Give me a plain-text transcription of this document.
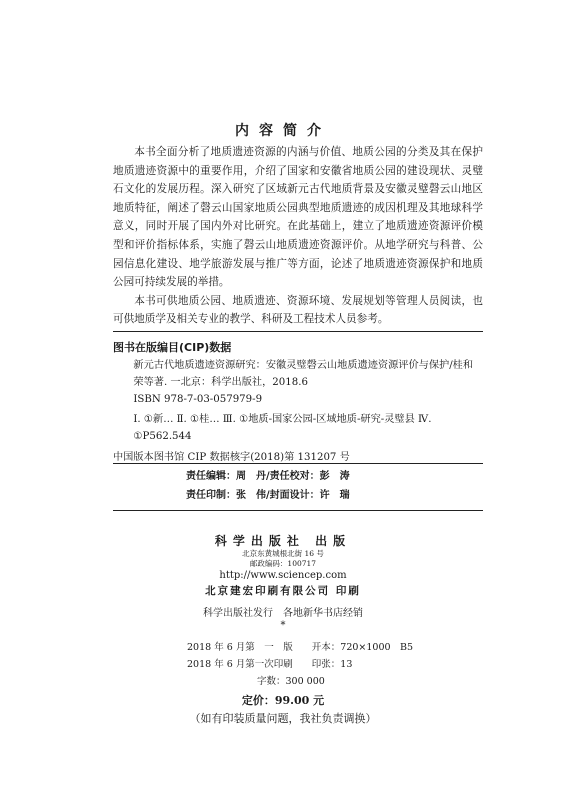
内容简介

本书全面分析了地质遗迹资源的内涵与价值、地质公园的分类及其在保护地质遗迹资源中的重要作用，介绍了国家和安徽省地质公园的建设现状、灵璧石文化的发展历程。深入研究了区域新元古代地质背景及安徽灵璧磬云山地区地质特征，阐述了磬云山国家地质公园典型地质遗迹的成因机理及其地球科学意义，同时开展了国内外对比研究。在此基础上，建立了地质遗迹资源评价模型和评价指标体系，实施了磬云山地质遗迹资源评价。从地学研究与科普、公园信息化建设、地学旅游发展与推广等方面，论述了地质遗迹资源保护和地质公园可持续发展的举措。

本书可供地质公园、地质遗迹、资源环境、发展规划等管理人员阅读，也可供地质学及相关专业的教学、科研及工程技术人员参考。

图书在版编目(CIP)数据
新元古代地质遗迹资源研究：安徽灵璧磬云山地质遗迹资源评价与保护/桂和荣等著. 一北京：科学出版社，2018.6
ISBN 978-7-03-057979-9
Ⅰ. ①新… Ⅱ. ①桂… Ⅲ. ①地质-国家公园-区域地质-研究-灵璧县 Ⅳ. ①P562.544
中国版本图书馆 CIP 数据核字(2018)第 131207 号
责任编辑：周　丹/责任校对：彭　涛
责任印制：张　伟/封面设计：许　瑞
科学出版社 出版
北京东黄城根北街 16 号
邮政编码：100717
http://www.sciencep.com
北京建宏印刷有限公司 印刷
科学出版社发行　各地新华书店经销
*
2018 年 6 月第　一　版　　开本：720×1000　B5
2018 年 6 月第一次印刷　　印张：13
字数：300 000
定价：99.00 元
（如有印装质量问题，我社负责调换）
